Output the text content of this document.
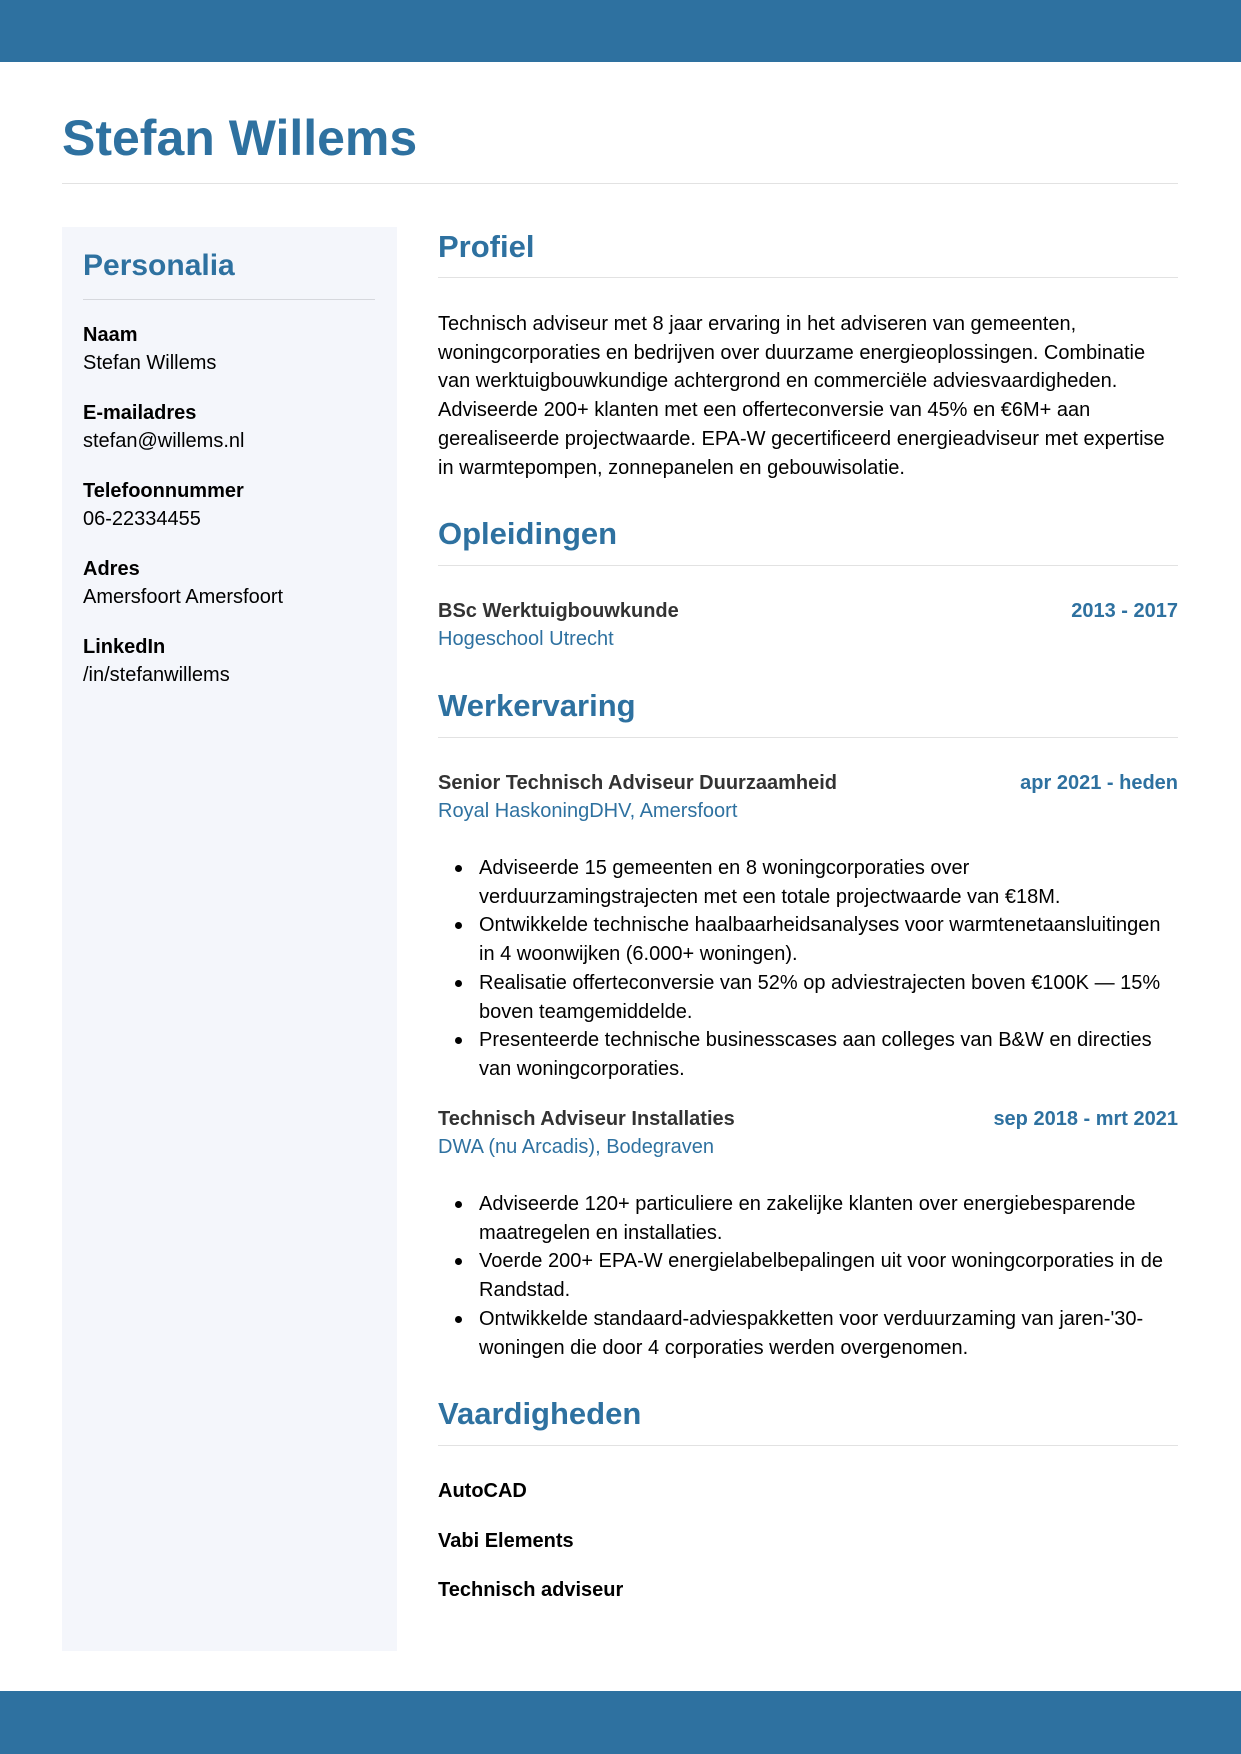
Stefan Willems
Personalia
Naam
Stefan Willems
E-mailadres
stefan@willems.nl
Telefoonnummer
06-22334455
Adres
Amersfoort Amersfoort
LinkedIn
/in/stefanwillems
Profiel

Technisch adviseur met 8 jaar ervaring in het adviseren van gemeenten, woningcorporaties en bedrijven over duurzame energieoplossingen. Combinatie van werktuigbouwkundige achtergrond en commerciële adviesvaardigheden. Adviseerde 200+ klanten met een offerteconversie van 45% en €6M+ aan gerealiseerde projectwaarde. EPA-W gecertificeerd energieadviseur met expertise in warmtepompen, zonnepanelen en gebouwisolatie.

Opleidingen
BSc Werktuigbouwkunde	2013 - 2017
Hogeschool Utrecht
Werkervaring
Senior Technisch Adviseur Duurzaamheid	apr 2021 - heden
Royal HaskoningDHV, Amersfoort
Adviseerde 15 gemeenten en 8 woningcorporaties over verduurzamingstrajecten met een totale projectwaarde van €18M.
Ontwikkelde technische haalbaarheidsanalyses voor warmtenetaansluitingen in 4 woonwijken (6.000+ woningen).
Realisatie offerteconversie van 52% op adviestrajecten boven €100K — 15% boven teamgemiddelde.
Presenteerde technische businesscases aan colleges van B&W en directies van woningcorporaties.
Technisch Adviseur Installaties	sep 2018 - mrt 2021
DWA (nu Arcadis), Bodegraven
Adviseerde 120+ particuliere en zakelijke klanten over energiebesparende maatregelen en installaties.
Voerde 200+ EPA-W energielabelbepalingen uit voor woningcorporaties in de Randstad.
Ontwikkelde standaard-adviespakketten voor verduurzaming van jaren-'30-woningen die door 4 corporaties werden overgenomen.
Vaardigheden
AutoCAD
Vabi Elements
Technisch adviseur
